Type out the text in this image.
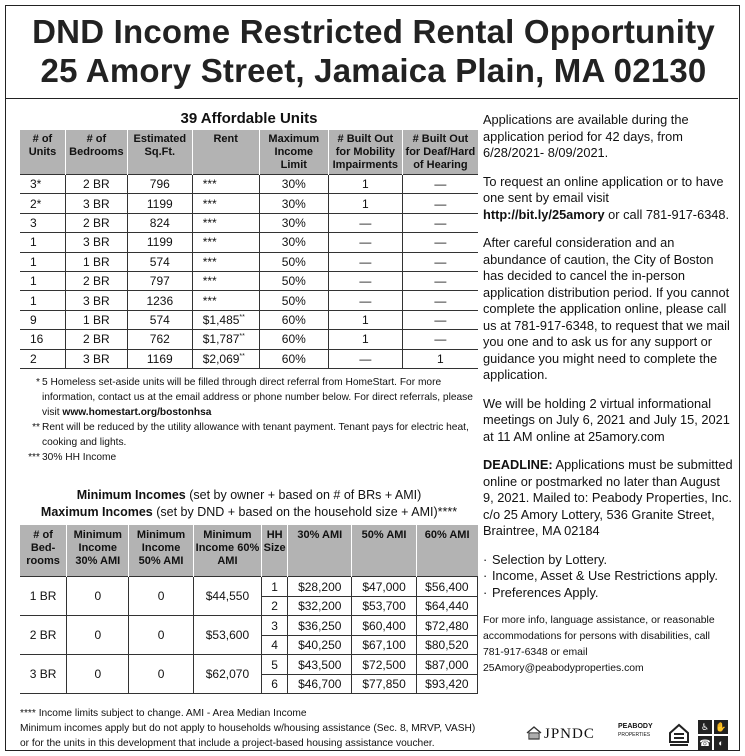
DND Income Restricted Rental Opportunity
25 Amory Street, Jamaica Plain, MA 02130
39 Affordable Units
# of Units	# of Bedrooms	Estimated Sq.Ft.	Rent	Maximum Income Limit	# Built Out for Mobility Impairments	# Built Out for Deaf/Hard of Hearing
3*	2 BR	796	***	30%	1	—
2*	3 BR	1199	***	30%	1	—
3	2 BR	824	***	30%	—	—
1	3 BR	1199	***	30%	—	—
1	1 BR	574	***	50%	—	—
1	2 BR	797	***	50%	—	—
1	3 BR	1236	***	50%	—	—
9	1 BR	574	$1,485**	60%	1	—
16	2 BR	762	$1,787**	60%	1	—
2	3 BR	1169	$2,069**	60%	—	1
* 5 Homeless set-aside units will be filled through direct referral from HomeStart. For more information, contact us at the email address or phone number below. For direct referrals, please visit www.homestart.org/bostonhsa
** Rent will be reduced by the utility allowance with tenant payment. Tenant pays for electric heat, cooking and lights.
*** 30% HH Income
Minimum Incomes (set by owner + based on # of BRs + AMI)
Maximum Incomes (set by DND + based on the household size + AMI)****
# of Bed-rooms	Minimum Income 30% AMI	Minimum Income 50% AMI	Minimum Income 60% AMI	HH Size	30% AMI	50% AMI	60% AMI
1 BR	0	0	$44,550	1	$28,200	$47,000	$56,400
				2	$32,200	$53,700	$64,440
2 BR	0	0	$53,600	3	$36,250	$60,400	$72,480
				4	$40,250	$67,100	$80,520
3 BR	0	0	$62,070	5	$43,500	$72,500	$87,000
				6	$46,700	$77,850	$93,420
**** Income limits subject to change. AMI - Area Median Income
Minimum incomes apply but do not apply to households w/housing assistance (Sec. 8, MRVP, VASH) or for the units in this development that include a project-based housing assistance voucher.

Applications are available during the application period for 42 days, from 6/28/2021- 8/09/2021.

To request an online application or to have one sent by email visit http://bit.ly/25amory or call 781-917-6348.

After careful consideration and an abundance of caution, the City of Boston has decided to cancel the in-person application distribution period. If you cannot complete the application online, please call us at 781-917-6348, to request that we mail you one and to ask us for any support or guidance you might need to complete the application.

We will be holding 2 virtual informational meetings on July 6, 2021 and July 15, 2021 at 11 AM online at 25amory.com

DEADLINE: Applications must be submitted online or postmarked no later than August 9, 2021. Mailed to: Peabody Properties, Inc. c/o 25 Amory Lottery, 536 Granite Street, Braintree, MA 02184

· Selection by Lottery.
· Income, Asset & Use Restrictions apply.
· Preferences Apply.

For more info, language assistance, or reasonable accommodations for persons with disabilities, call 781-917-6348 or email 25Amory@peabodyproperties.com

JPNDC	PEABODY
PROPERTIES
♿ ✋
☎ ◐
